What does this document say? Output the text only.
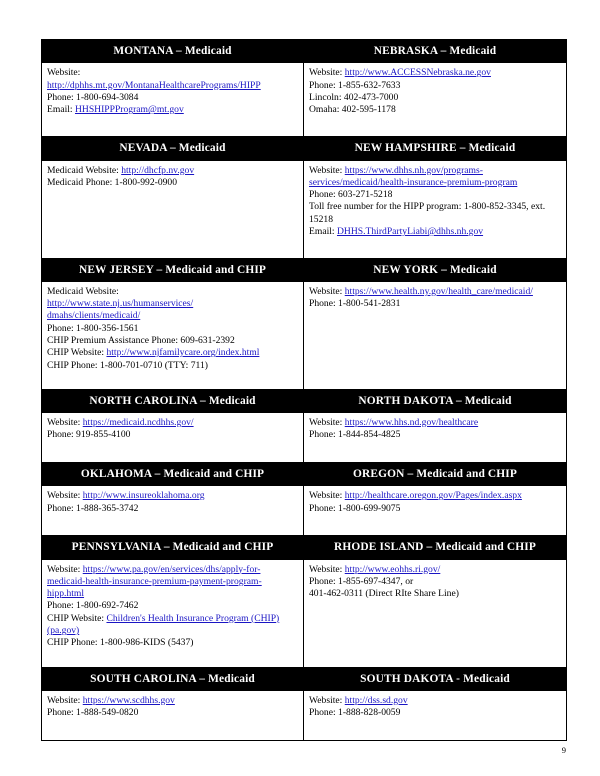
MONTANA – Medicaid	NEBRASKA – Medicaid

Website:
http://dphhs.mt.gov/MontanaHealthcarePrograms/HIPP
Phone: 1-800-694-3084
Email: HHSHIPPProgram@mt.gov

Website: http://www.ACCESSNebraska.ne.gov
Phone: 1-855-632-7633
Lincoln: 402-473-7000
Omaha: 402-595-1178

NEVADA – Medicaid	NEW HAMPSHIRE – Medicaid

Medicaid Website: http://dhcfp.nv.gov
Medicaid Phone: 1-800-992-0900

Website: https://www.dhhs.nh.gov/programs-
services/medicaid/health-insurance-premium-program
Phone: 603-271-5218
Toll free number for the HIPP program: 1-800-852-3345, ext.
15218
Email: DHHS.ThirdPartyLiabi@dhhs.nh.gov

NEW JERSEY – Medicaid and CHIP	NEW YORK – Medicaid

Medicaid Website:
http://www.state.nj.us/humanservices/
dmahs/clients/medicaid/
Phone: 1-800-356-1561
CHIP Premium Assistance Phone: 609-631-2392
CHIP Website: http://www.njfamilycare.org/index.html
CHIP Phone: 1-800-701-0710 (TTY: 711)

Website: https://www.health.ny.gov/health_care/medicaid/
Phone: 1-800-541-2831

NORTH CAROLINA – Medicaid	NORTH DAKOTA – Medicaid

Website: https://medicaid.ncdhhs.gov/
Phone: 919-855-4100

Website: https://www.hhs.nd.gov/healthcare
Phone: 1-844-854-4825

OKLAHOMA – Medicaid and CHIP	OREGON – Medicaid and CHIP

Website: http://www.insureoklahoma.org
Phone: 1-888-365-3742

Website: http://healthcare.oregon.gov/Pages/index.aspx
Phone: 1-800-699-9075

PENNSYLVANIA – Medicaid and CHIP	RHODE ISLAND – Medicaid and CHIP

Website: https://www.pa.gov/en/services/dhs/apply-for-
medicaid-health-insurance-premium-payment-program-
hipp.html
Phone: 1-800-692-7462
CHIP Website: Children's Health Insurance Program (CHIP)
(pa.gov)
CHIP Phone: 1-800-986-KIDS (5437)

Website: http://www.eohhs.ri.gov/
Phone: 1-855-697-4347, or
401-462-0311 (Direct RIte Share Line)

SOUTH CAROLINA – Medicaid	SOUTH DAKOTA - Medicaid

Website: https://www.scdhhs.gov
Phone: 1-888-549-0820

Website: http://dss.sd.gov
Phone: 1-888-828-0059
9
